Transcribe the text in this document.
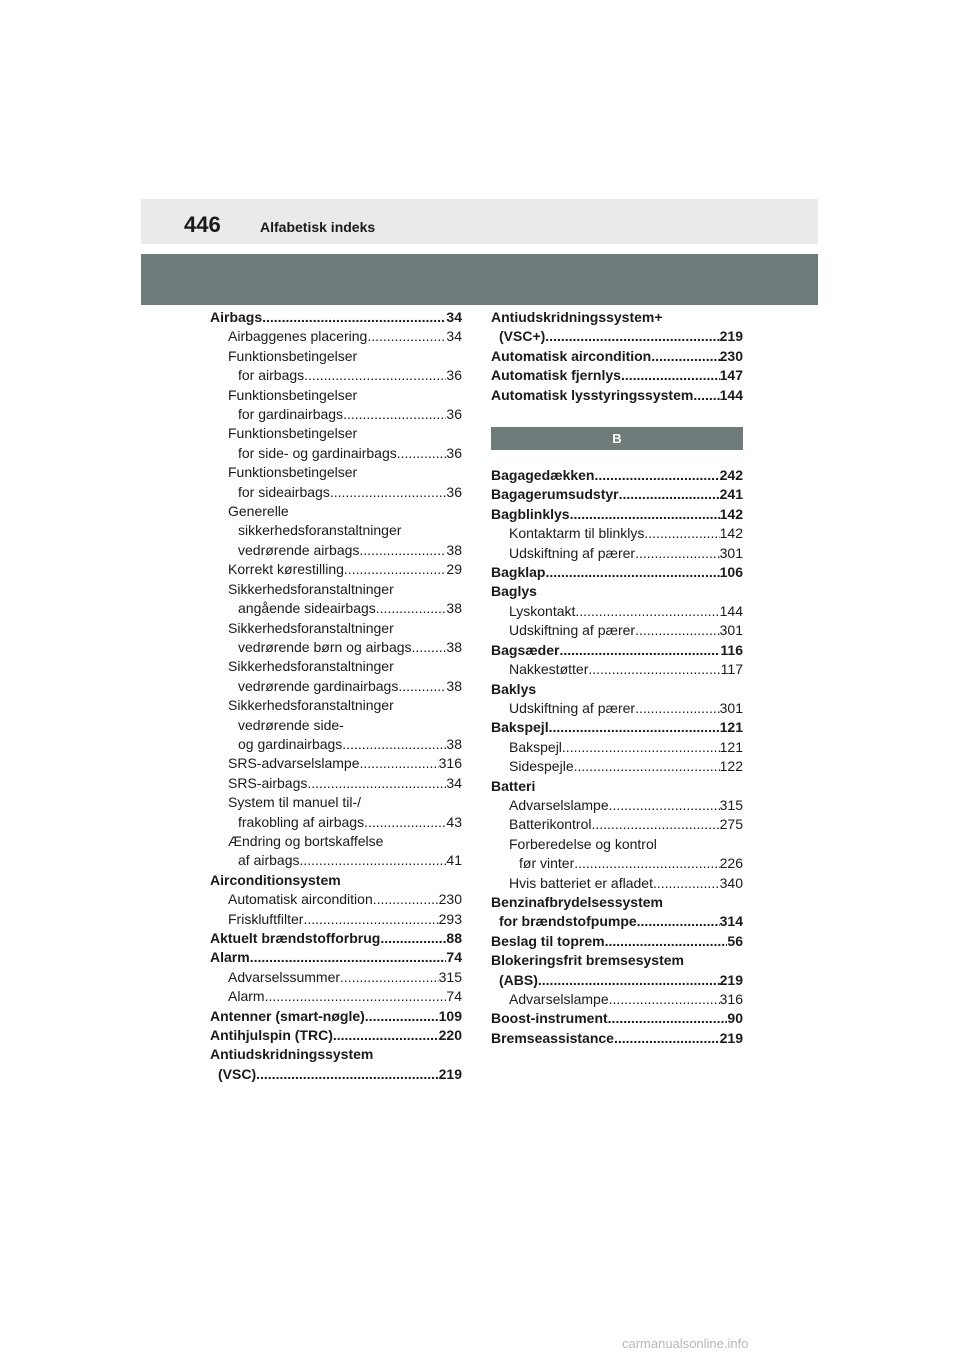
446	Alfabetisk indeks
Airbags .....	34
Airbaggenes placering .....	34
Funktionsbetingelser
for airbags .....	36
Funktionsbetingelser
for gardinairbags .....	36
Funktionsbetingelser
for side- og gardinairbags .....	36
Funktionsbetingelser
for sideairbags .....	36
Generelle
sikkerhedsforanstaltninger
vedrørende airbags .....	38
Korrekt kørestilling .....	29
Sikkerhedsforanstaltninger
angående sideairbags .....	38
Sikkerhedsforanstaltninger
vedrørende børn og airbags ..... 38
Sikkerhedsforanstaltninger
vedrørende gardinairbags .....	38
Sikkerhedsforanstaltninger
vedrørende side-
og gardinairbags .....	38
SRS-advarselslampe .....	316
SRS-airbags .....	34
System til manuel til-/
frakobling af airbags .....	43
Ændring og bortskaffelse
af airbags .....	41
Airconditionsystem
Automatisk aircondition .....	230
Friskluftfilter .....	293
Aktuelt brændstofforbrug .....	88
Alarm .....	74
Advarselssummer .....	315
Alarm .....	74
Antenner (smart-nøgle) .....	109
Antihjulspin (TRC) .....	220
Antiudskridningssystem
(VSC) .....	219
Antiudskridningssystem+
(VSC+) .....	219
Automatisk aircondition .....	230
Automatisk fjernlys .....	147
Automatisk lysstyringssystem ..... 144
B
Bagagedækken .....	242
Bagagerumsudstyr .....	241
Bagblinklys .....	142
Kontaktarm til blinklys .....	142
Udskiftning af pærer .....	301
Bagklap .....	106
Baglys
Lyskontakt .....	144
Udskiftning af pærer .....	301
Bagsæder .....	116
Nakkestøtter .....	117
Baklys
Udskiftning af pærer .....	301
Bakspejl .....	121
Bakspejl .....	121
Sidespejle .....	122
Batteri
Advarselslampe .....	315
Batterikontrol .....	275
Forberedelse og kontrol
før vinter .....	226
Hvis batteriet er afladet .....	340
Benzinafbrydelsessystem
for brændstofpumpe .....	314
Beslag til toprem .....	56
Blokeringsfrit bremsesystem
(ABS) .....	219
Advarselslampe .....	316
Boost-instrument .....	90
Bremseassistance .....	219
carmanualsonline.info
